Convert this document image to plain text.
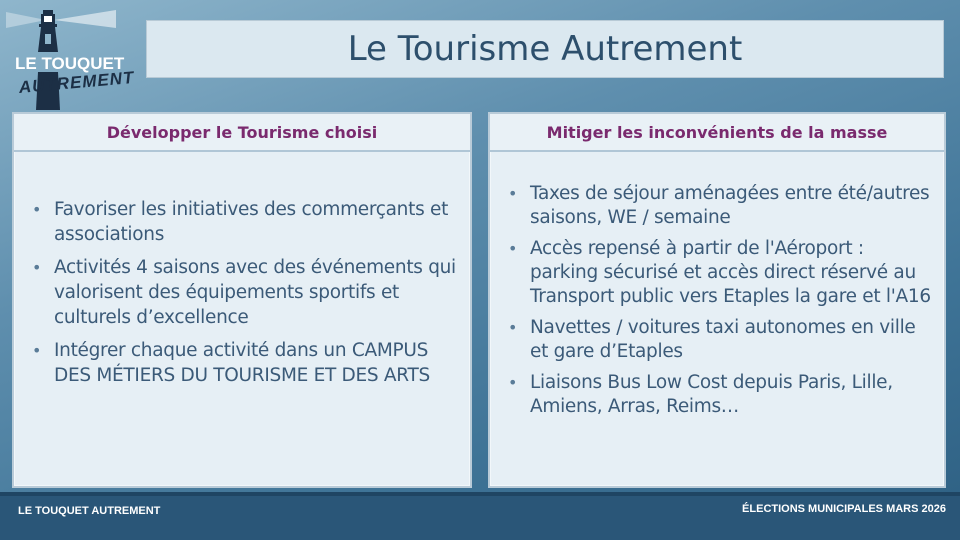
LE TOUQUET
AUTREMENT
Le Tourisme Autrement
Développer le Tourisme choisi
• Favoriser les initiatives des commerçants et associations
• Activités 4 saisons avec des événements qui valorisent des équipements sportifs et culturels d’excellence
• Intégrer chaque activité dans un CAMPUS DES MÉTIERS DU TOURISME ET DES ARTS
Mitiger les inconvénients de la masse
• Taxes de séjour aménagées entre été/autres saisons, WE / semaine
• Accès repensé à partir de l'Aéroport : parking sécurisé et accès direct réservé au Transport public vers Etaples la gare et l'A16
• Navettes / voitures taxi autonomes en ville et gare d’Etaples
• Liaisons Bus Low Cost depuis Paris, Lille, Amiens, Arras, Reims…
LE TOUQUET AUTREMENT	ÉLECTIONS MUNICIPALES MARS 2026
